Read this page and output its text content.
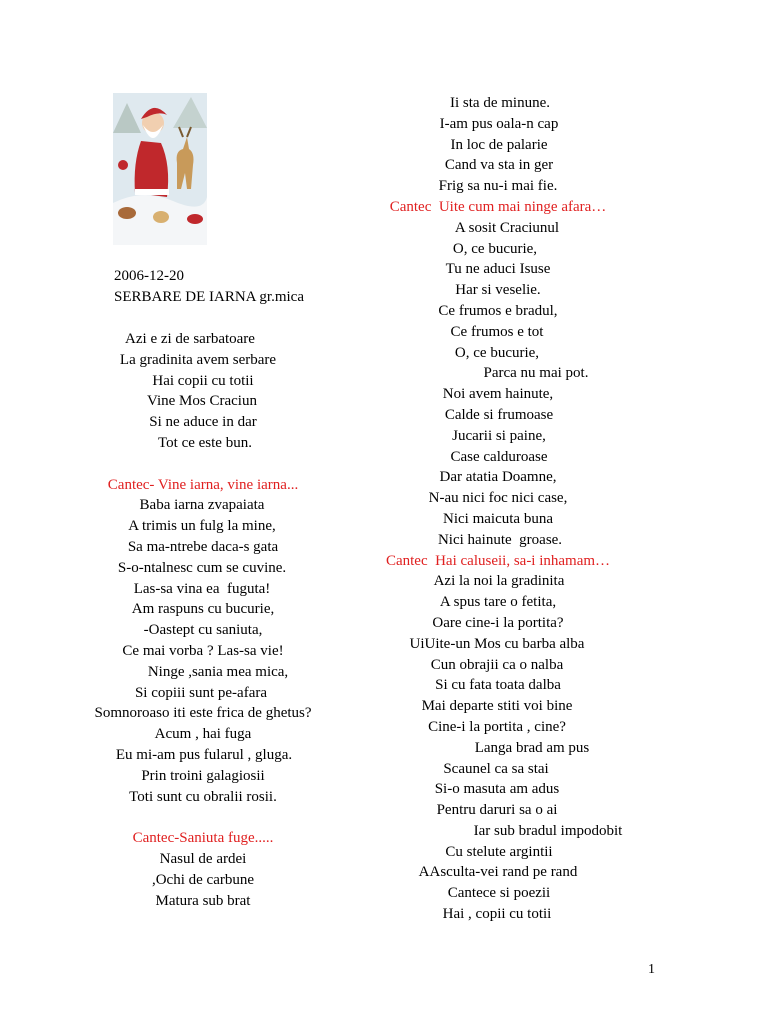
2006-12-20
SERBARE DE IARNA gr.mica
Azi e zi de sarbatoare
La gradinita avem serbare
Hai copii cu totii
Vine Mos Craciun
Si ne aduce in dar
Tot ce este bun.

Cantec- Vine iarna, vine iarna...
Baba iarna zvapaiata
A trimis un fulg la mine,
Sa ma-ntrebe daca-s gata
S-o-ntalnesc cum se cuvine.
Las-sa vina ea  fuguta!
Am raspuns cu bucurie,
-Oastept cu saniuta,
Ce mai vorba ? Las-sa vie!
Ninge ,sania mea mica,
Si copiii sunt pe-afara
Somnoroaso iti este frica de ghetus?
Acum , hai fuga
Eu mi-am pus fularul , gluga.
Prin troini galagiosii
Toti sunt cu obralii rosii.

Cantec-Saniuta fuge.....
Nasul de ardei
,Ochi de carbune
Matura sub brat
Ii sta de minune.
I-am pus oala-n cap
In loc de palarie
Cand va sta in ger
Frig sa nu-i mai fie.
Cantec  Uite cum mai ninge afara…
A sosit Craciunul
O, ce bucurie,
Tu ne aduci Isuse
Har si veselie.
Ce frumos e bradul,
Ce frumos e tot
O, ce bucurie,
Parca nu mai pot.
Noi avem hainute,
Calde si frumoase
Jucarii si paine,
Case calduroase
Dar atatia Doamne,
N-au nici foc nici case,
Nici maicuta buna
Nici hainute  groase.
Cantec  Hai caluseii, sa-i inhamam…
Azi la noi la gradinita
A spus tare o fetita,
Oare cine-i la portita?
UiUite-un Mos cu barba alba
Cun obrajii ca o nalba
Si cu fata toata dalba
Mai departe stiti voi bine
Cine-i la portita , cine?
Langa brad am pus
Scaunel ca sa stai
Si-o masuta am adus
Pentru daruri sa o ai
Iar sub bradul impodobit
Cu stelute argintii
AAsculta-vei rand pe rand
Cantece si poezii
Hai , copii cu totii
1
